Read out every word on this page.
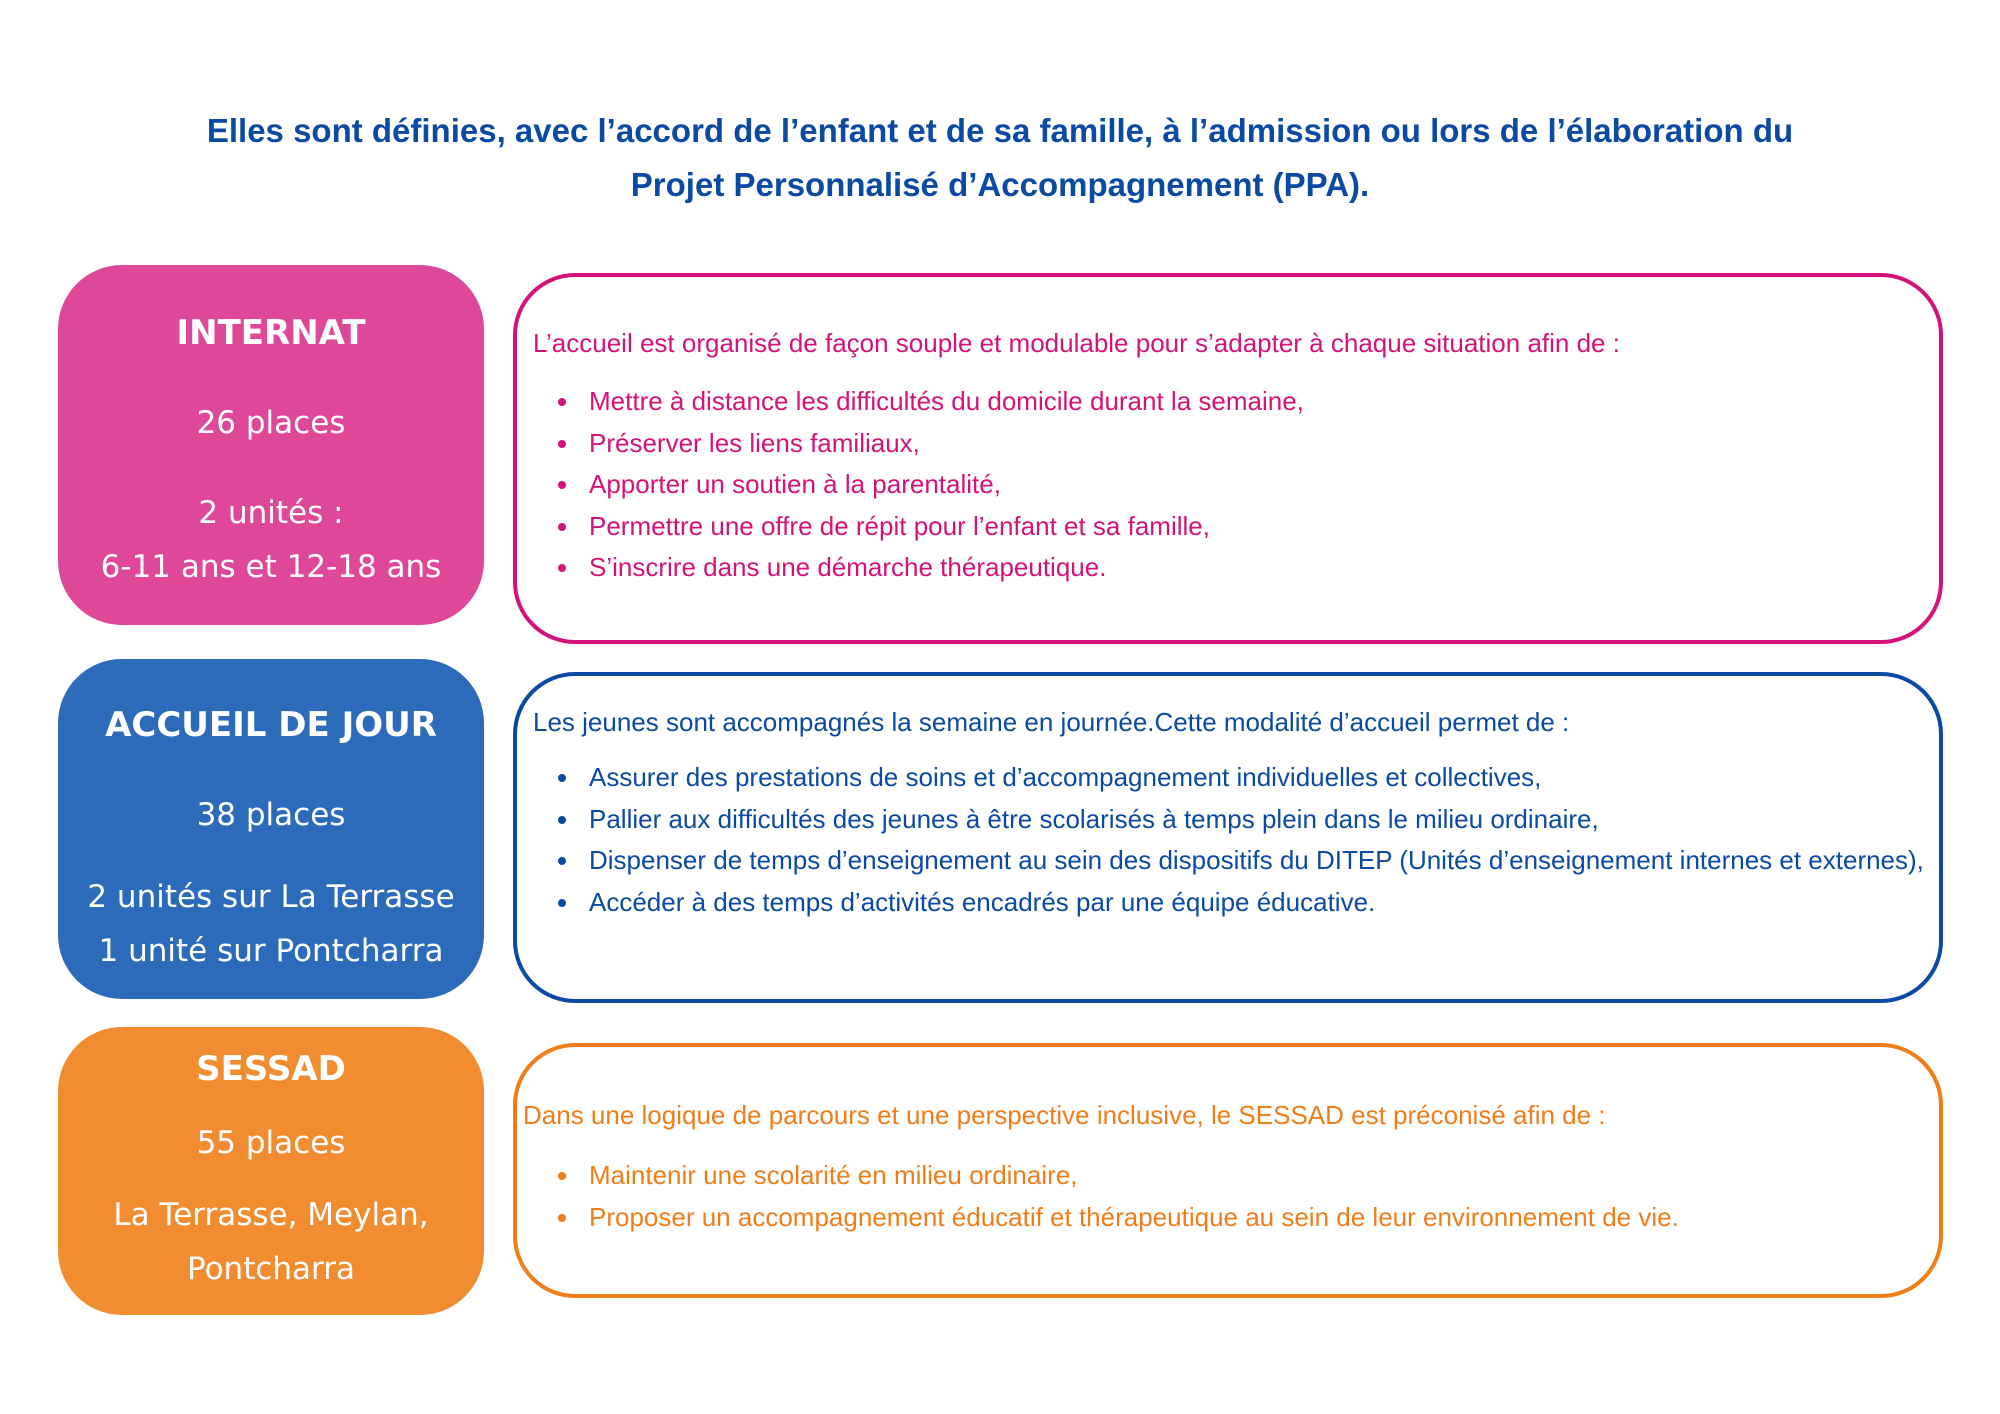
Elles sont définies, avec l’accord de l’enfant et de sa famille, à l’admission ou lors de l’élaboration du
Projet Personnalisé d’Accompagnement (PPA).
INTERNAT
26 places
2 unités :
6-11 ans et 12-18 ans
L’accueil est organisé de façon souple et modulable pour s’adapter à chaque situation afin de :
Mettre à distance les difficultés du domicile durant la semaine,
Préserver les liens familiaux,
Apporter un soutien à la parentalité,
Permettre une offre de répit pour l’enfant et sa famille,
S’inscrire dans une démarche thérapeutique.
ACCUEIL DE JOUR
38 places
2 unités sur La Terrasse
1 unité sur Pontcharra
Les jeunes sont accompagnés la semaine en journée.Cette modalité d’accueil permet de :
Assurer des prestations de soins et d’accompagnement individuelles et collectives,
Pallier aux difficultés des jeunes à être scolarisés à temps plein dans le milieu ordinaire,
Dispenser de temps d’enseignement au sein des dispositifs du DITEP (Unités d’enseignement internes et externes),
Accéder à des temps d’activités encadrés par une équipe éducative.
SESSAD
55 places
La Terrasse, Meylan,
Pontcharra
Dans une logique de parcours et une perspective inclusive, le SESSAD est préconisé afin de :
Maintenir une scolarité en milieu ordinaire,
Proposer un accompagnement éducatif et thérapeutique au sein de leur environnement de vie.
